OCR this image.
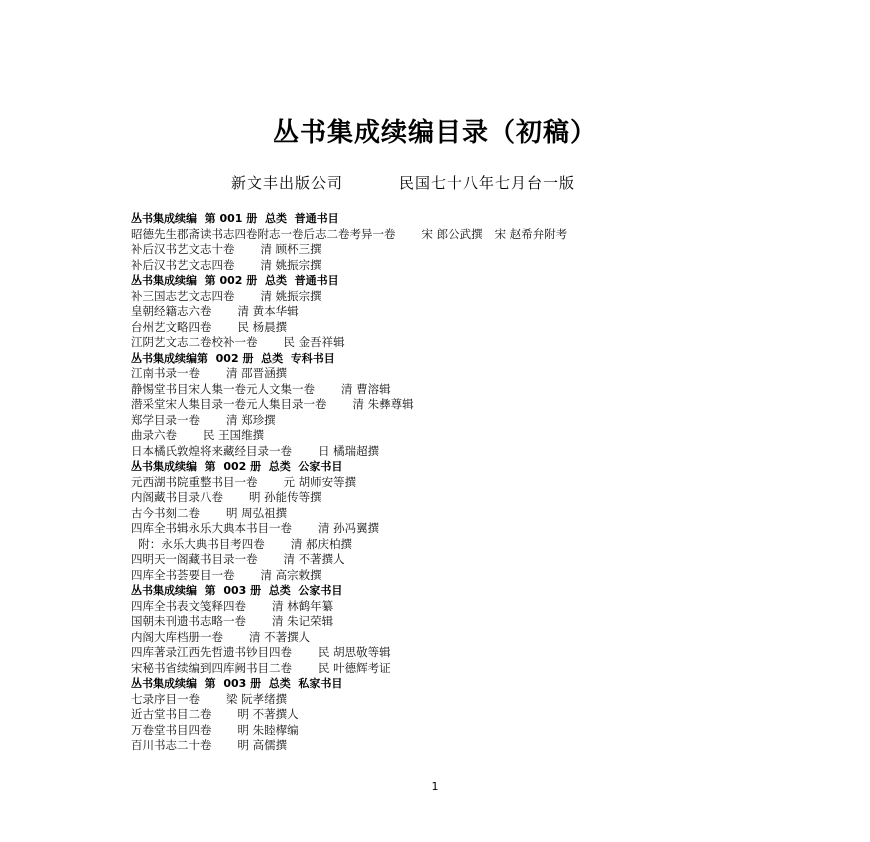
丛书集成续编目录（初稿）
新文丰出版公司	民国七十八年七月台一版
丛书集成续编  第 001 册  总类  普通书目
昭德先生郡斋读书志四卷附志一卷后志二卷考异一卷 宋 郎公武撰 宋 赵希弁附考
补后汉书艺文志十卷 清 顾杯三撰
补后汉书艺文志四卷 清 姚振宗撰
丛书集成续编  第 002 册  总类  普通书目
补三国志艺文志四卷 清 姚振宗撰
皇朝经籍志六卷 清 黄本华辑
台州艺文略四卷 民 杨晨撰
江阴艺文志二卷校补一卷 民 金吾祥辑
丛书集成续编第  002 册  总类  专科书目
江南书录一卷 清 邵晋涵撰
静惕堂书目宋人集一卷元人文集一卷 清 曹溶辑
潜采堂宋人集目录一卷元人集目录一卷 清 朱彝尊辑
郑学目录一卷 清 郑珍撰
曲录六卷 民 王国维撰
日本橘氏敦煌将来藏经目录一卷 日 橘瑞超撰
丛书集成续编  第  002 册  总类  公家书目
元西湖书院重整书目一卷 元 胡师安等撰
内阁藏书目录八卷 明 孙能传等撰
古今书刻二卷 明 周弘祖撰
四库全书辑永乐大典本书目一卷 清 孙冯翼撰
附：永乐大典书目考四卷 清 郝庆柏撰
四明天一阁藏书目录一卷 清 不著撰人
四库全书荟要目一卷 清 高宗敕撰
丛书集成续编  第  003 册  总类  公家书目
四库全书表文笺释四卷 清 林鹤年纂
国朝未刊遗书志略一卷 清 朱记荣辑
内阁大库档册一卷 清 不著撰人
四库著录江西先哲遗书钞目四卷 民 胡思敬等辑
宋秘书省续编到四库阙书目二卷 民 叶德辉考证
丛书集成续编  第  003 册  总类  私家书目
七录序目一卷 梁 阮孝绪撰
近古堂书目二卷 明 不著撰人
万卷堂书目四卷 明 朱睦㮮编
百川书志二十卷 明 高儒撰
1
